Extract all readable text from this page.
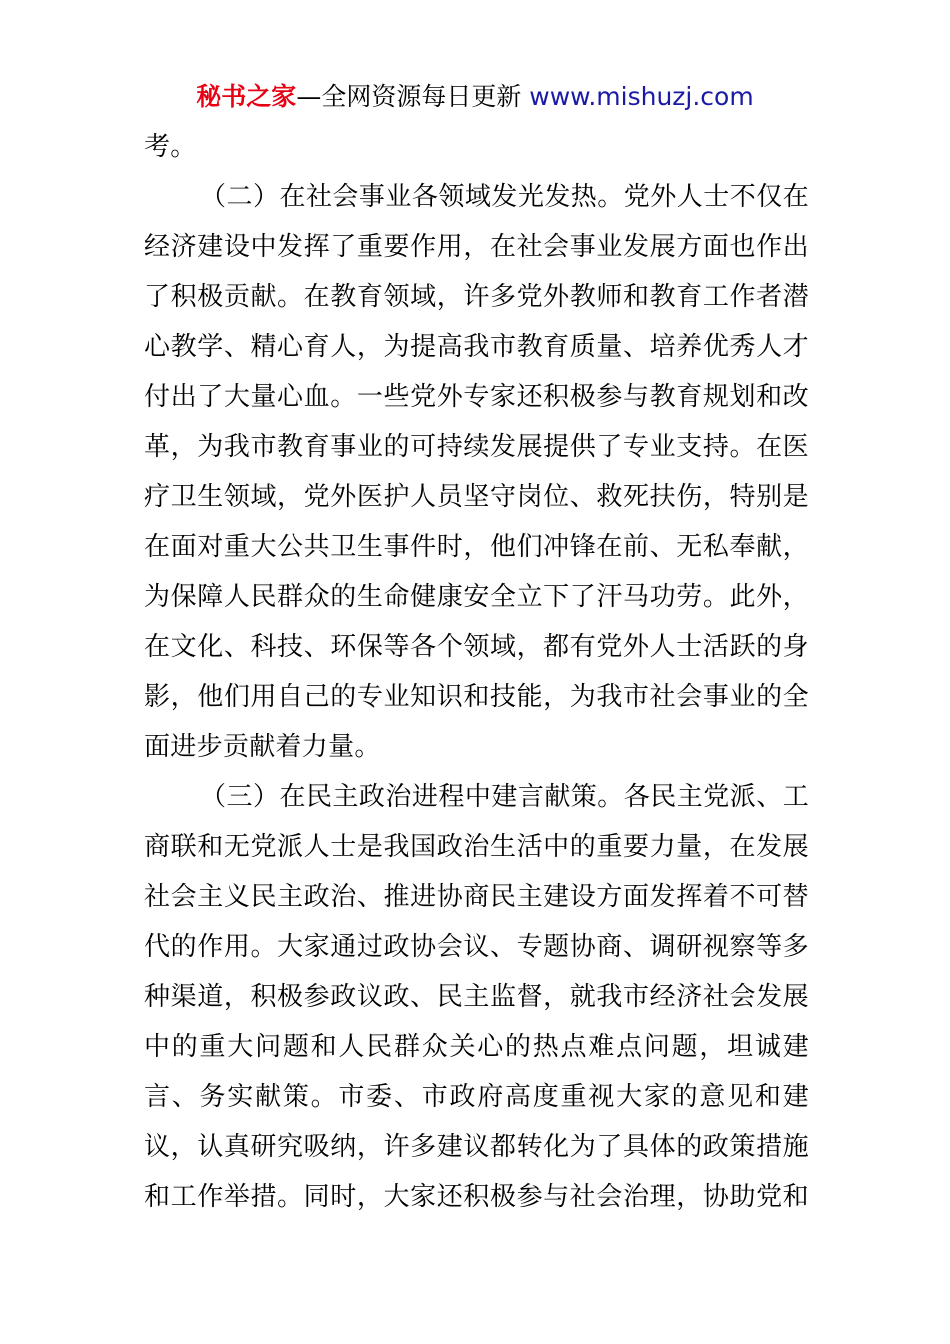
秘书之家—全网资源每日更新 www.mishuzj.com
考。
（二）在社会事业各领域发光发热。党外人士不仅在
经济建设中发挥了重要作用，在社会事业发展方面也作出
了积极贡献。在教育领域，许多党外教师和教育工作者潜
心教学、精心育人，为提高我市教育质量、培养优秀人才
付出了大量心血。一些党外专家还积极参与教育规划和改
革，为我市教育事业的可持续发展提供了专业支持。在医
疗卫生领域，党外医护人员坚守岗位、救死扶伤，特别是
在面对重大公共卫生事件时，他们冲锋在前、无私奉献，
为保障人民群众的生命健康安全立下了汗马功劳。此外，
在文化、科技、环保等各个领域，都有党外人士活跃的身
影，他们用自己的专业知识和技能，为我市社会事业的全
面进步贡献着力量。
（三）在民主政治进程中建言献策。各民主党派、工
商联和无党派人士是我国政治生活中的重要力量，在发展
社会主义民主政治、推进协商民主建设方面发挥着不可替
代的作用。大家通过政协会议、专题协商、调研视察等多
种渠道，积极参政议政、民主监督，就我市经济社会发展
中的重大问题和人民群众关心的热点难点问题，坦诚建
言、务实献策。市委、市政府高度重视大家的意见和建
议，认真研究吸纳，许多建议都转化为了具体的政策措施
和工作举措。同时，大家还积极参与社会治理，协助党和
